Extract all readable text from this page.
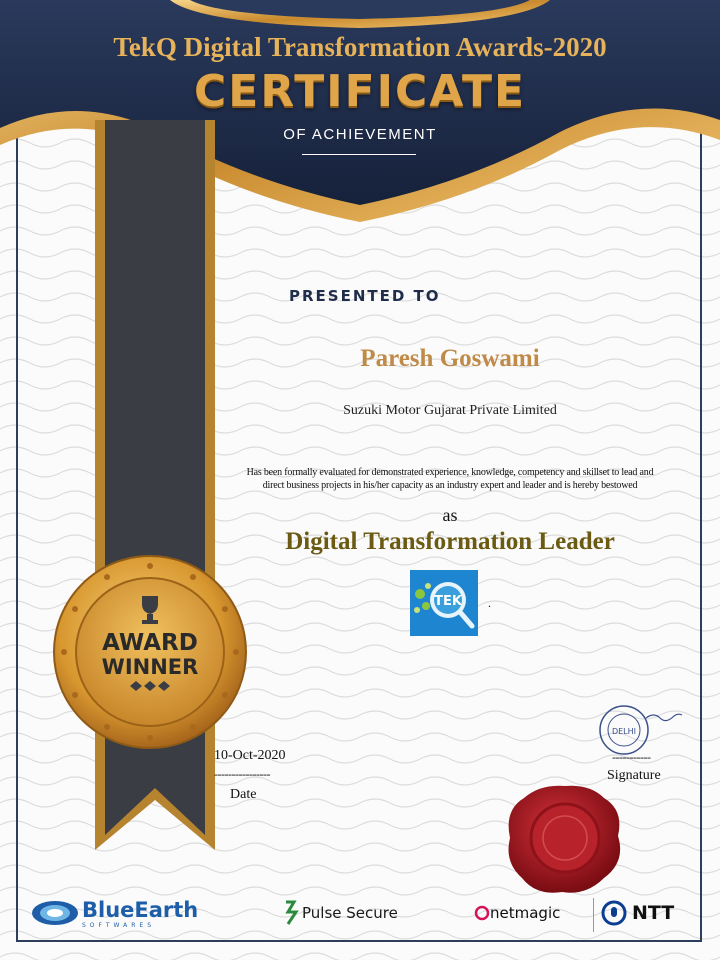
TekQ Digital Transformation Awards-2020
CERTIFICATE
OF ACHIEVEMENT
AWARD
WINNER
PRESENTED TO
Paresh Goswami
Suzuki Motor Gujarat Private Limited
Has been formally evaluated for demonstrated experience, knowledge, competency and skillset to lead and
direct business projects in his/her capacity as an industry expert and leader and is hereby bestowed
as
Digital Transformation Leader
TEK .
10-Oct-2020
----------------
Date
DELHI
-----------
Signature
BlueEarth
SOFTWARES
Pulse Secure	netmagic	NTT
